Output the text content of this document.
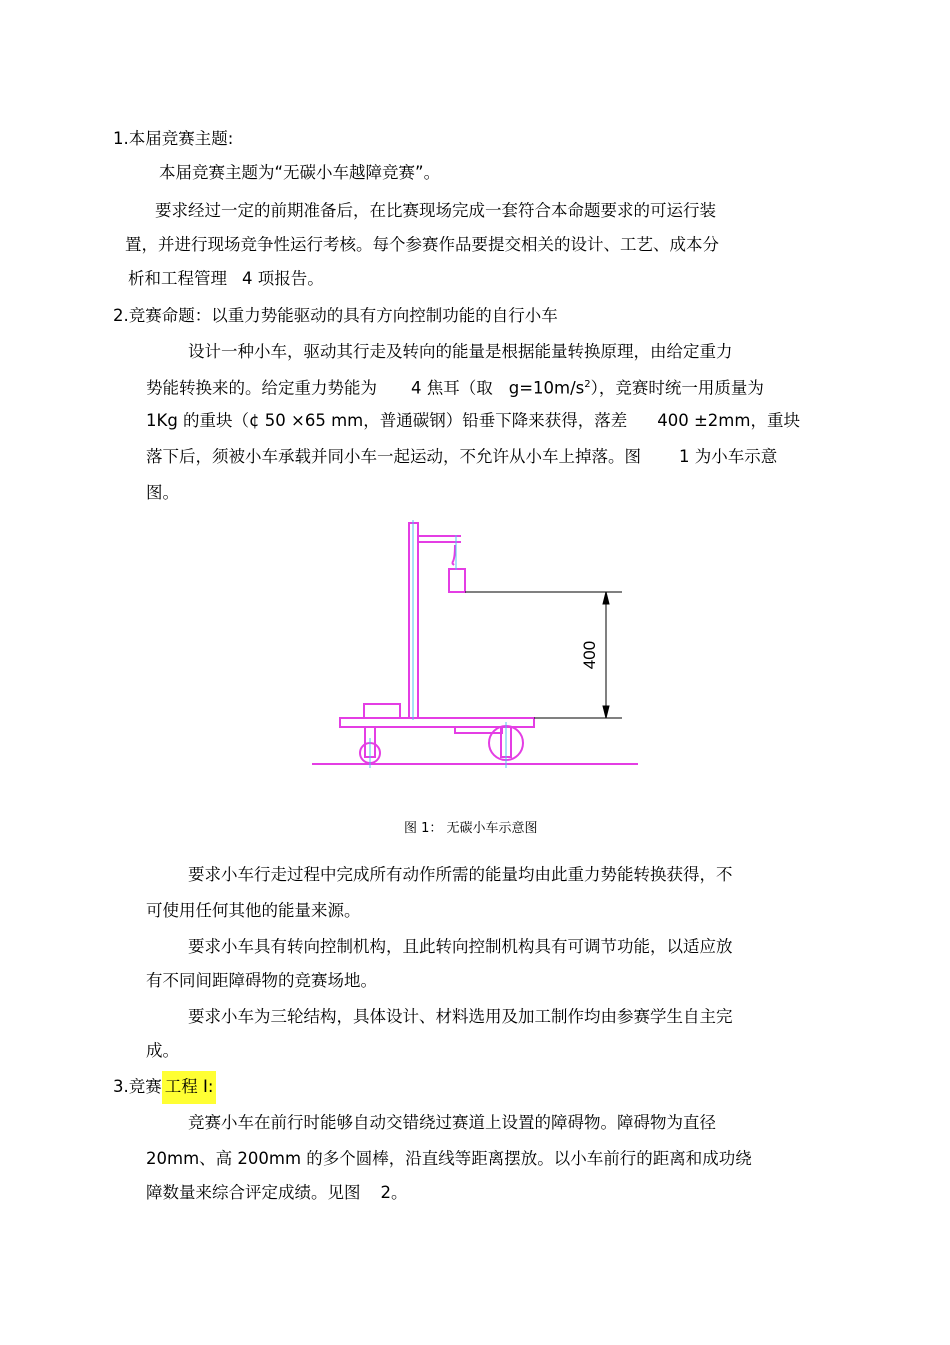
1.本届竞赛主题:
本届竞赛主题为“无碳小车越障竞赛”。
要求经过一定的前期准备后，在比赛现场完成一套符合本命题要求的可运行装
置，并进行现场竞争性运行考核。每个参赛作品要提交相关的设计、工艺、成本分
析和工程管理 4 项报告。
2.竞赛命题：以重力势能驱动的具有方向控制功能的自行小车
设计一种小车，驱动其行走及转向的能量是根据能量转换原理，由给定重力
势能转换来的。给定重力势能为 4 焦耳（取 $g=10m/s^2$），竞赛时统一用质量为
1Kg 的重块（¢ 50 ×65 mm，普通碳钢）铅垂下降来获得，落差 400 ±2mm，重块
落下后，须被小车承载并同小车一起运动，不允许从小车上掉落。图 1 为小车示意
图。
400
图 1： 无碳小车示意图
要求小车行走过程中完成所有动作所需的能量均由此重力势能转换获得，不
可使用任何其他的能量来源。
要求小车具有转向控制机构，且此转向控制机构具有可调节功能，以适应放
有不同间距障碍物的竞赛场地。
要求小车为三轮结构，具体设计、材料选用及加工制作均由参赛学生自主完
成。
3.竞赛 工程 I:
竞赛小车在前行时能够自动交错绕过赛道上设置的障碍物。障碍物为直径
20mm、高 200mm 的多个圆棒，沿直线等距离摆放。以小车前行的距离和成功绕
障数量来综合评定成绩。见图 2。
